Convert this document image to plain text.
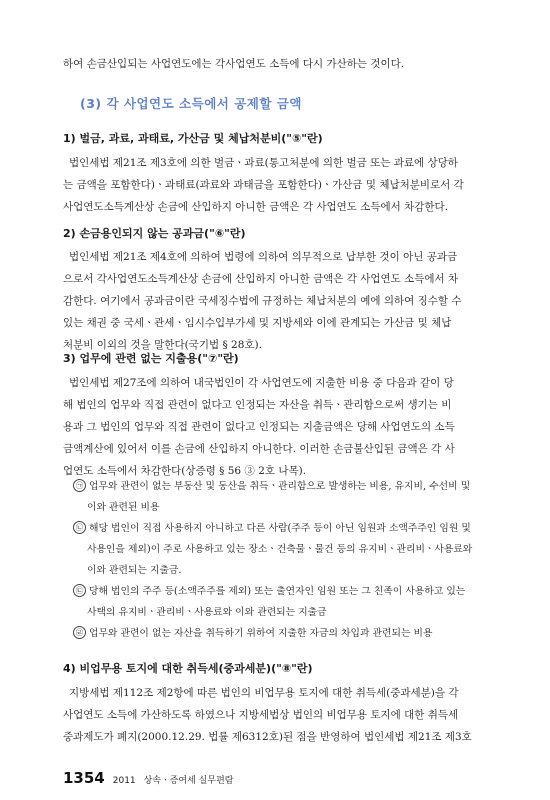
하여 손금산입되는 사업연도에는 각사업연도 소득에 다시 가산하는 것이다.

(3) 각 사업연도 소득에서 공제할 금액
1) 벌금, 과료, 과태료, 가산금 및 체납처분비("⑤"란)

법인세법 제21조 제3호에 의한 벌금ㆍ과료(통고처분에 의한 벌금 또는 과료에 상당하
는 금액을 포함한다)ㆍ과태료(과료와 과태금을 포함한다)ㆍ가산금 및 체납처분비로서 각
사업연도소득계산상 손금에 산입하지 아니한 금액은 각 사업연도 소득에서 차감한다.

2) 손금용인되지 않는 공과금("⑥"란)

법인세법 제21조 제4호에 의하여 법령에 의하여 의무적으로 납부한 것이 아닌 공과금
으로서 각사업연도소득계산상 손금에 산입하지 아니한 금액은 각 사업연도 소득에서 차
감한다. 여기에서 공과금이란 국세징수법에 규정하는 체납처분의 예에 의하여 징수할 수
있는 채권 중 국세ㆍ관세ㆍ임시수입부가세 및 지방세와 이에 관계되는 가산금 및 체납
처분비 이외의 것을 말한다(국기법 § 28호).

3) 업무에 관련 없는 지출용("⑦"란)

법인세법 제27조에 의하여 내국법인이 각 사업연도에 지출한 비용 중 다음과 같이 당
해 법인의 업무와 직접 관련이 없다고 인정되는 자산을 취득ㆍ관리함으로써 생기는 비
용과 그 법인의 업무와 직접 관련이 없다고 인정되는 지출금액은 당해 사업연도의 소득
금액계산에 있어서 이를 손금에 산입하지 아니한다. 이러한 손금불산입된 금액은 각 사
업연도 소득에서 차감한다(상증령 § 56 ③ 2호 나목).

㉠ 업무와 관련이 없는 부동산 및 동산을 취득ㆍ관리함으로 발생하는 비용, 유지비, 수선비 및
이와 관련된 비용
㉡ 해당 법인이 직접 사용하지 아니하고 다른 사람(주주 등이 아닌 임원과 소액주주인 임원 및
사용인을 제외)이 주로 사용하고 있는 장소ㆍ건축물ㆍ물건 등의 유지비ㆍ관리비ㆍ사용료와
이와 관련되는 지출금.
㉢ 당해 법인의 주주 등(소액주주를 제외) 또는 출연자인 임원 또는 그 친족이 사용하고 있는
사택의 유지비ㆍ관리비ㆍ사용료와 이와 관련되는 지출금
㉣ 업무와 관련이 없는 자산을 취득하기 위하여 지출한 자금의 차입과 관련되는 비용
4) 비업무용 토지에 대한 취득세(중과세분)("⑧"란)

지방세법 제112조 제2항에 따른 법인의 비업무용 토지에 대한 취득세(중과세분)을 각
사업연도 소득에 가산하도록 하였으나 지방세법상 법인의 비업무용 토지에 대한 취득세
중과제도가 폐지(2000.12.29. 법률 제6312호)된 점을 반영하여 법인세법 제21조 제3호

1354 2011 상속ㆍ증여세 실무편람
